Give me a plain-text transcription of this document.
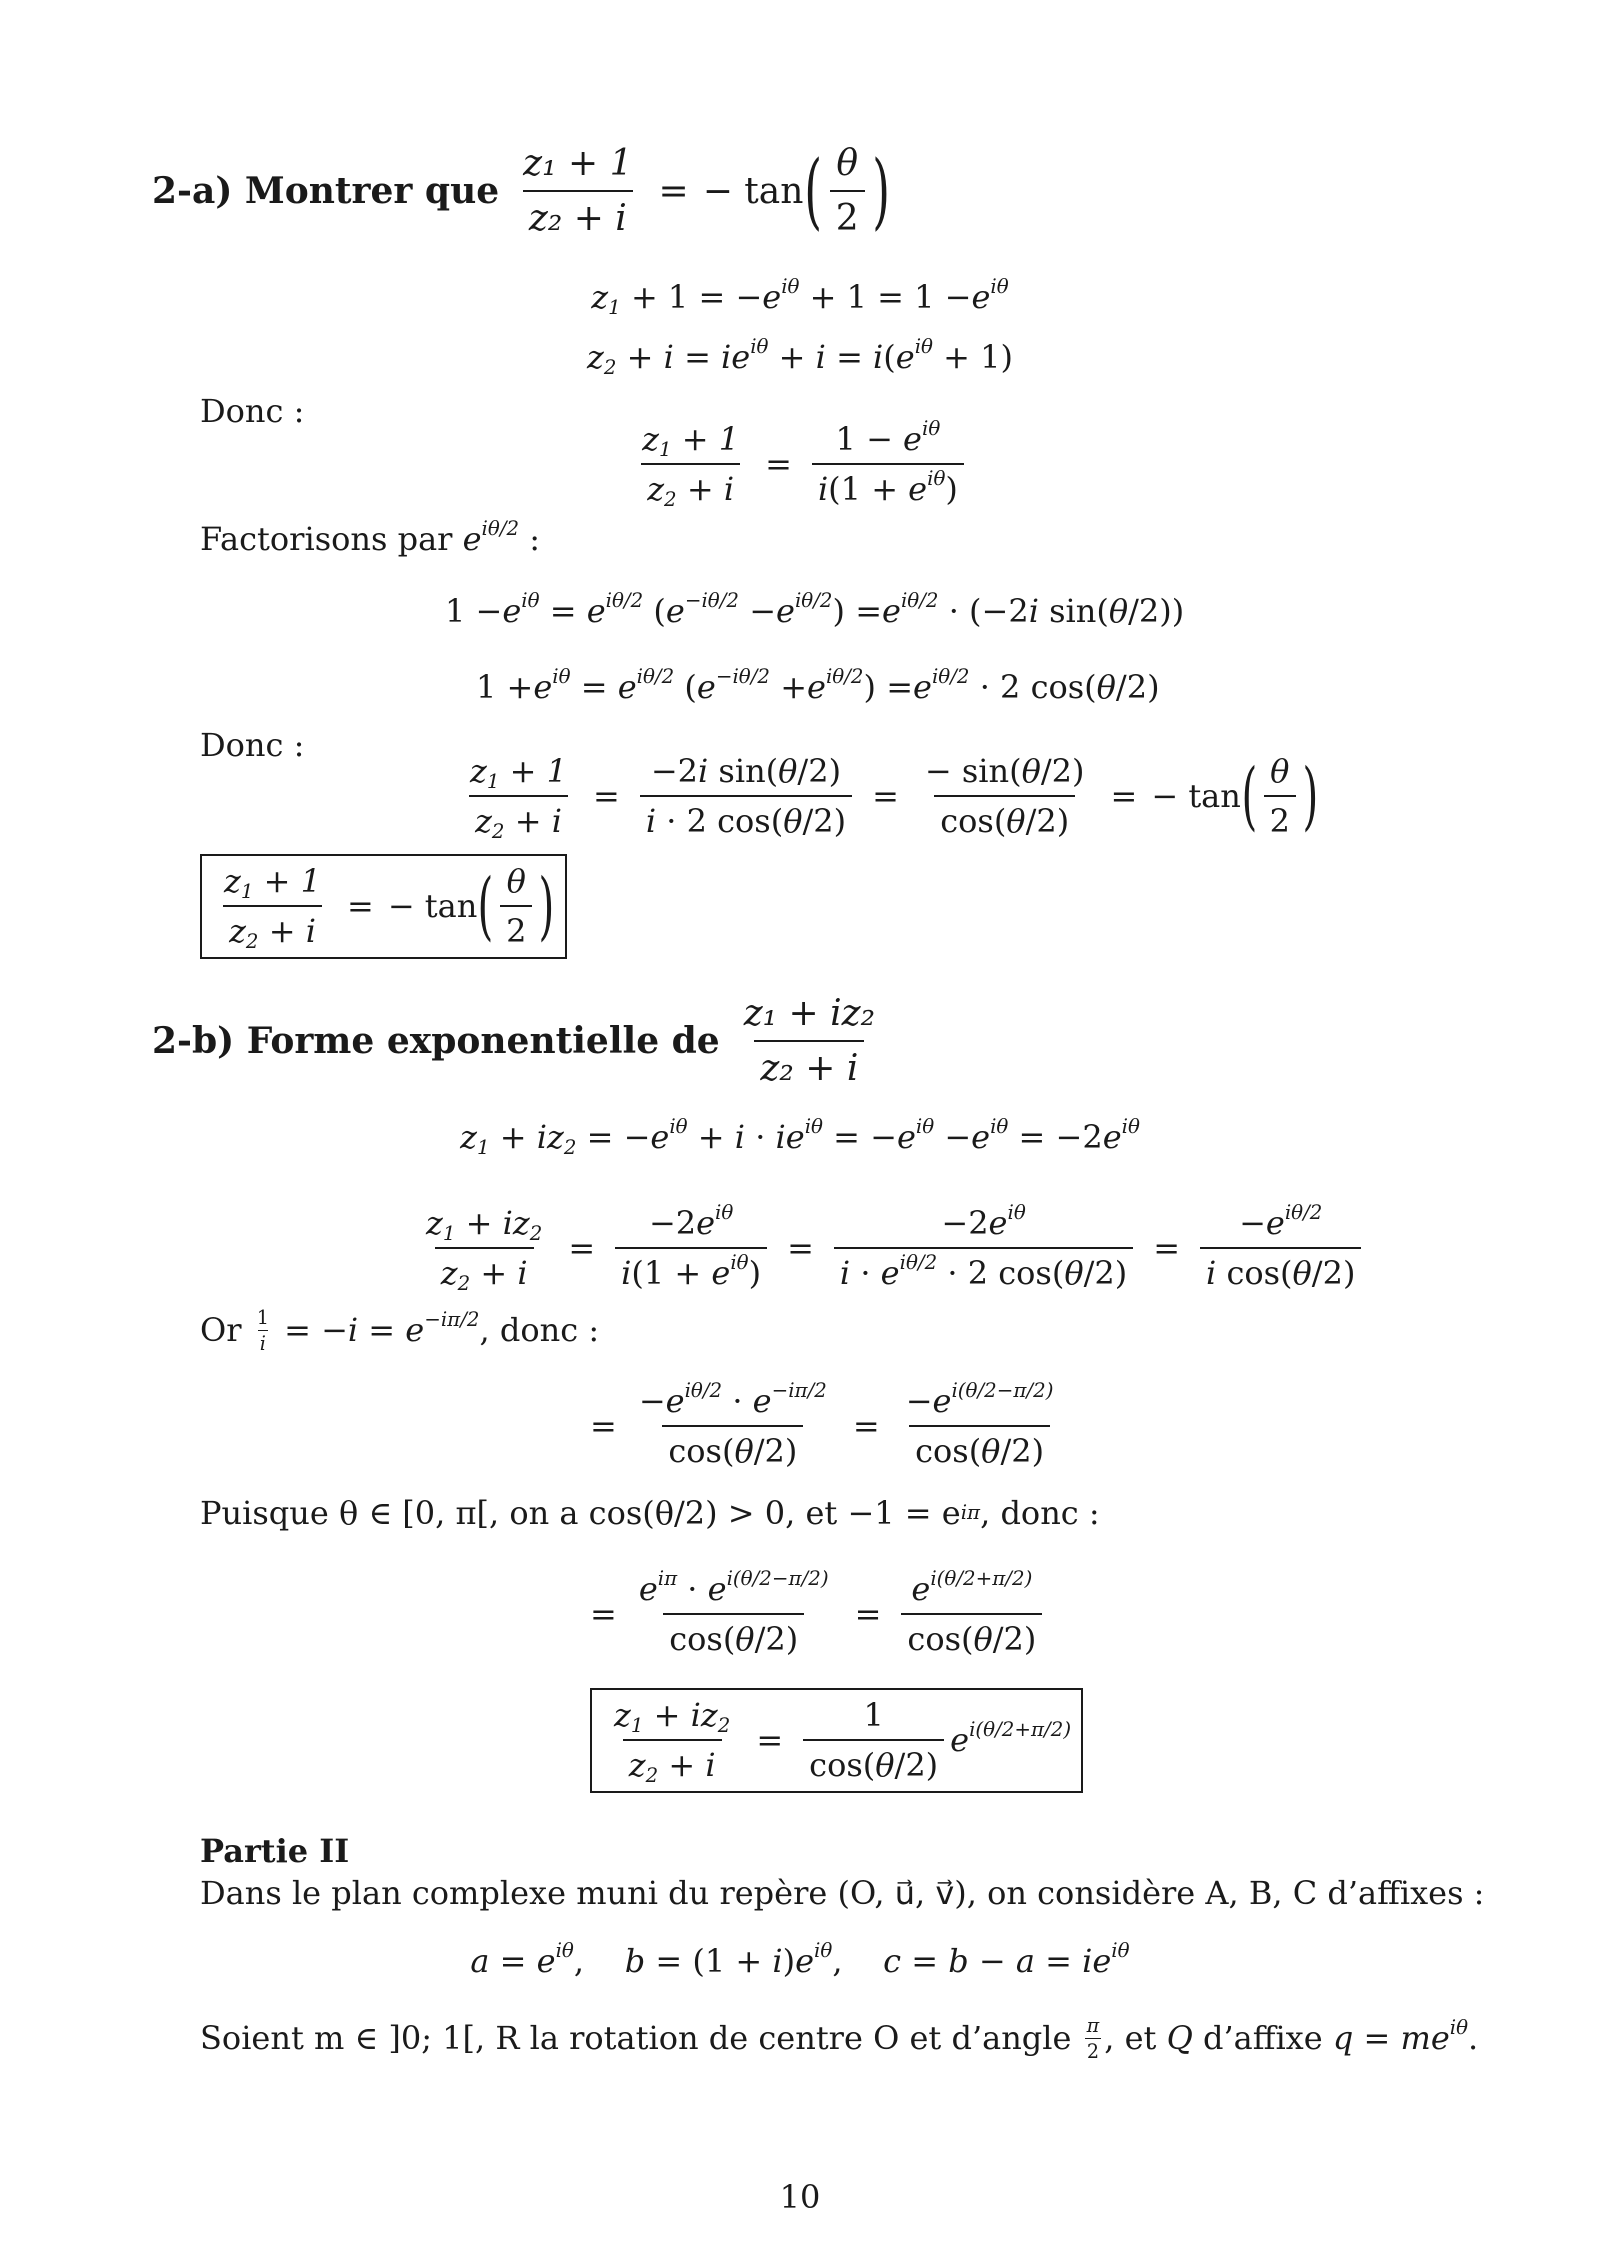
2-a) Montrer que $\frac{\text{z₁ + 1}}{\text{z₂ + i}}$ = − tan ( $\frac{\theta}{2}$ )
$z_1 + 1$ = − $e^{i\theta} + 1 = 1 - e^{i\theta}$
$z_2 + i = ie^{i\theta} + i = i$ ( $e^{i\theta} + 1$)
Donc :
$\frac{z_1 + 1}{z_2 + i} = \frac{1 - e^{i\theta}}{i(1 + e^{i\theta})}$
Factorisons par
$e^{i\theta/2}$ :
$1 - e^{i\theta} = e^{i\theta/2}$ ( $e^{-i\theta/2} - e^{i\theta/2}$ ) = $e^{i\theta/2} \cdot (-2$ i sin( θ /2))
$1 + e^{i\theta} = e^{i\theta/2}$ ( $e^{-i\theta/2} + e^{i\theta/2}$ ) = $e^{i\theta/2} \cdot 2$ cos( θ /2)
Donc :
$\frac{z_1 + 1}{z_2 + i} = \frac{\text{−2i sin(θ/2)}}{i \cdot 2 \cos(\theta/2)} = \frac{- \sin(\theta/2)}{\cos(\theta/2)}$ = − tan ( $\frac{\theta}{2}$ )
$\frac{z_1 + 1}{z_2 + i}$ = − tan ( $\frac{\theta}{2}$ )
2-b) Forme exponentielle de $\frac{\text{z₁ + iz₂}}{\text{z₂ + i}}$
$z_1 + iz_2$ = − $e^{i\theta} + i \cdot ie^{i\theta}$ = − $e^{i\theta} - e^{i\theta} = -2$ $e^{i\theta}$
$\frac{z_1 + iz_2}{z_2 + i} = \frac{-2e^{i\theta}}{i(1 + e^{i\theta})} = \frac{-2e^{i\theta}}{i \cdot e^{i\theta/2} \cdot 2 \cos(\theta/2)} = \frac{-e^{i\theta/2}}{\text{i cos(θ/2)}}$
Or
$\frac{1}{i}$ = − $i = e^{-i\pi/2}$ , donc :
= $\frac{-e^{i\theta/2} \cdot e^{-i\pi/2}}{\cos(\theta/2)} = \frac{-e^{i(\theta/2-\pi/2)}}{\cos(\theta/2)}$
Puisque θ ∈ [0, π[, on a cos(θ/2) > 0, et −1 = e iπ , donc :
= $\frac{e^{i\pi} \cdot e^{i(\theta/2-\pi/2)}}{\cos(\theta/2)} = \frac{e^{i(\theta/2+\pi/2)}}{\cos(\theta/2)}$
$\frac{z_1 + iz_2}{z_2 + i} = \frac{1}{\cos(\theta/2)} e^{i(\theta/2+\pi/2)}$
Partie II
Dans le plan complexe muni du repère (O, u⃗, v⃗), on considère A, B, C d’affixes :
$a = e^{i\theta}$ , b = (1 + i ) $e^{i\theta}$ , $c = b - a = ie^{i\theta}$
Soient m ∈ ]0; 1[, R la rotation de centre O et d’angle
$\frac{\pi}{2}$ , et Q d’affixe $q = me^{i\theta}$ .
10
